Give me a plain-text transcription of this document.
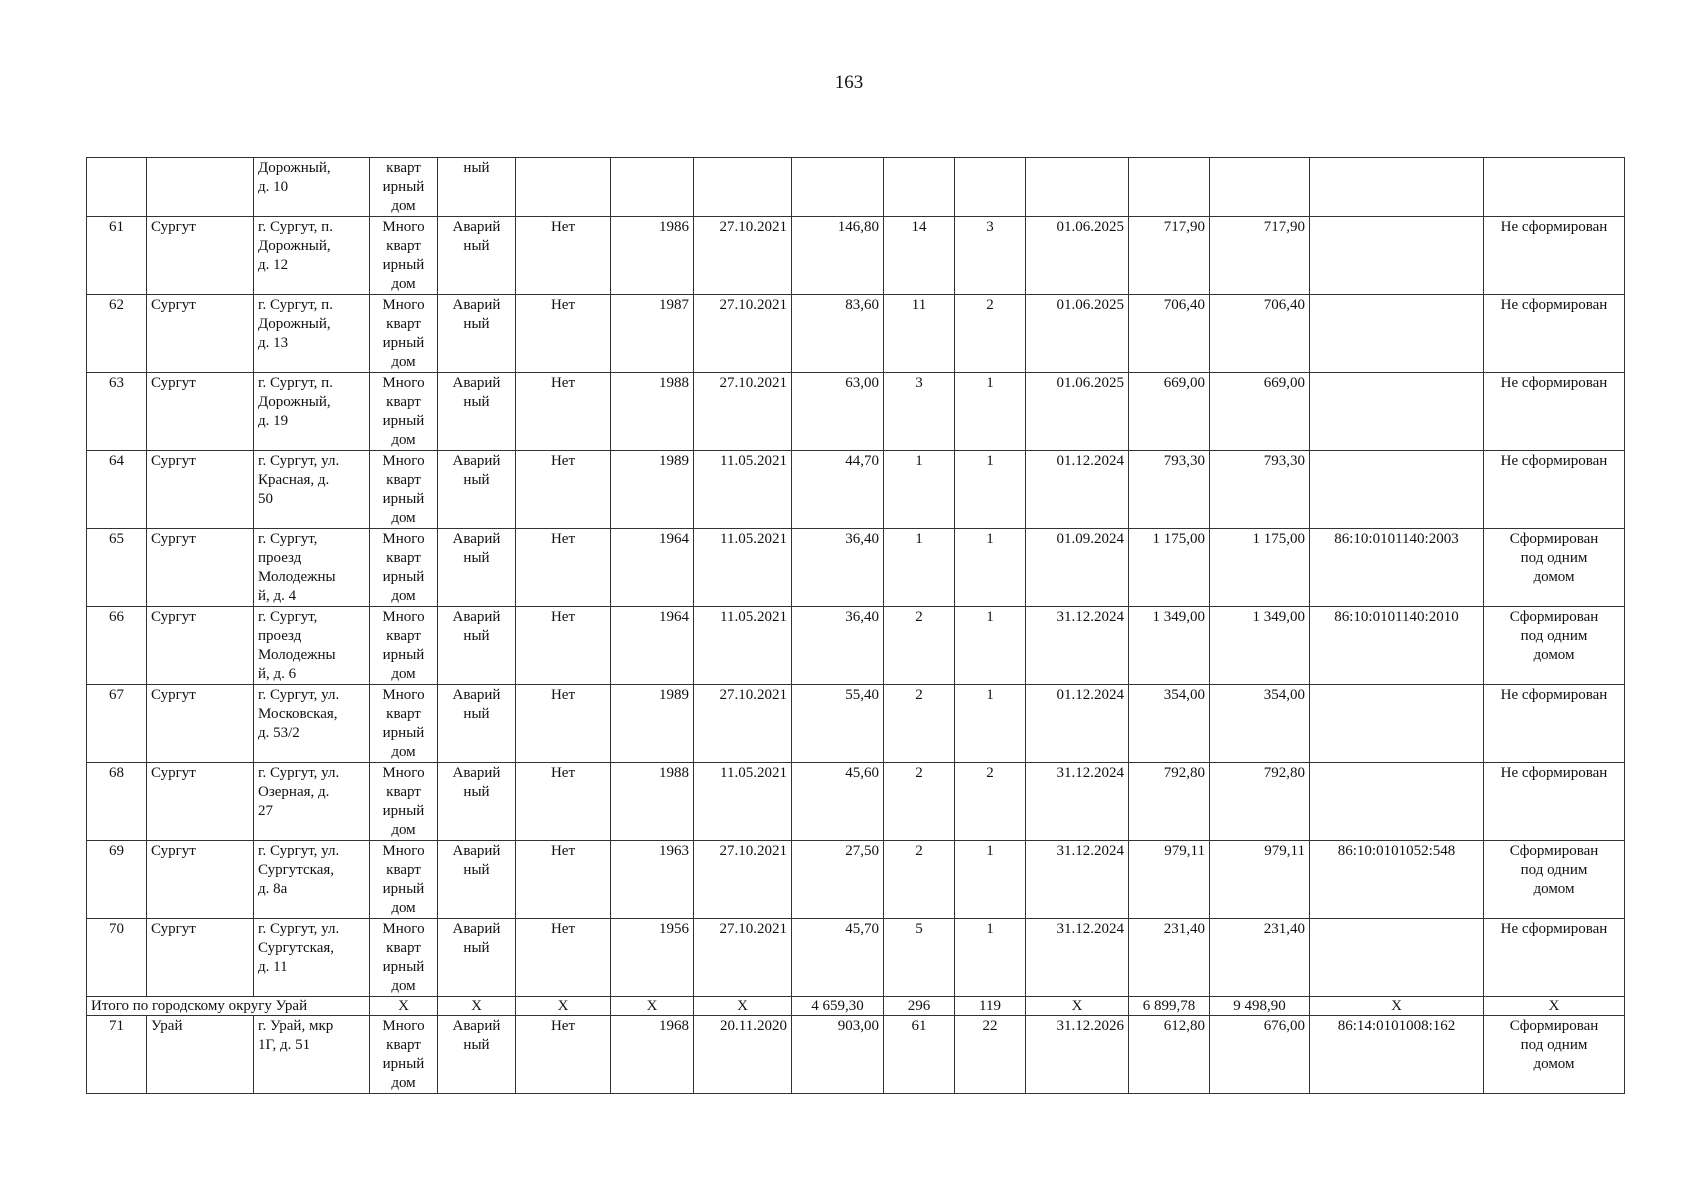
163
		Дорожный,
д. 10	кварт
ирный
дом	ный											
61	Сургут	г. Сургут, п.
Дорожный,
д. 12	Много
кварт
ирный
дом	Аварий
ный	Нет	1986	27.10.2021	146,80	14	3	01.06.2025	717,90	717,90		Не сформирован
62	Сургут	г. Сургут, п.
Дорожный,
д. 13	Много
кварт
ирный
дом	Аварий
ный	Нет	1987	27.10.2021	83,60	11	2	01.06.2025	706,40	706,40		Не сформирован
63	Сургут	г. Сургут, п.
Дорожный,
д. 19	Много
кварт
ирный
дом	Аварий
ный	Нет	1988	27.10.2021	63,00	3	1	01.06.2025	669,00	669,00		Не сформирован
64	Сургут	г. Сургут, ул.
Красная, д.
50	Много
кварт
ирный
дом	Аварий
ный	Нет	1989	11.05.2021	44,70	1	1	01.12.2024	793,30	793,30		Не сформирован
65	Сургут	г. Сургут,
проезд
Молодежны
й, д. 4	Много
кварт
ирный
дом	Аварий
ный	Нет	1964	11.05.2021	36,40	1	1	01.09.2024	1 175,00	1 175,00	86:10:0101140:2003	Сформирован
под одним
домом
66	Сургут	г. Сургут,
проезд
Молодежны
й, д. 6	Много
кварт
ирный
дом	Аварий
ный	Нет	1964	11.05.2021	36,40	2	1	31.12.2024	1 349,00	1 349,00	86:10:0101140:2010	Сформирован
под одним
домом
67	Сургут	г. Сургут, ул.
Московская,
д. 53/2	Много
кварт
ирный
дом	Аварий
ный	Нет	1989	27.10.2021	55,40	2	1	01.12.2024	354,00	354,00		Не сформирован
68	Сургут	г. Сургут, ул.
Озерная, д.
27	Много
кварт
ирный
дом	Аварий
ный	Нет	1988	11.05.2021	45,60	2	2	31.12.2024	792,80	792,80		Не сформирован
69	Сургут	г. Сургут, ул.
Сургутская,
д. 8а	Много
кварт
ирный
дом	Аварий
ный	Нет	1963	27.10.2021	27,50	2	1	31.12.2024	979,11	979,11	86:10:0101052:548	Сформирован
под одним
домом
70	Сургут	г. Сургут, ул.
Сургутская,
д. 11	Много
кварт
ирный
дом	Аварий
ный	Нет	1956	27.10.2021	45,70	5	1	31.12.2024	231,40	231,40		Не сформирован
Итого по городскому округу Урай			X	X	X	X	X	4 659,30	296	119	X	6 899,78	9 498,90	X	X
71	Урай	г. Урай, мкр
1Г, д. 51	Много
кварт
ирный
дом	Аварий
ный	Нет	1968	20.11.2020	903,00	61	22	31.12.2026	612,80	676,00	86:14:0101008:162	Сформирован
под одним
домом
